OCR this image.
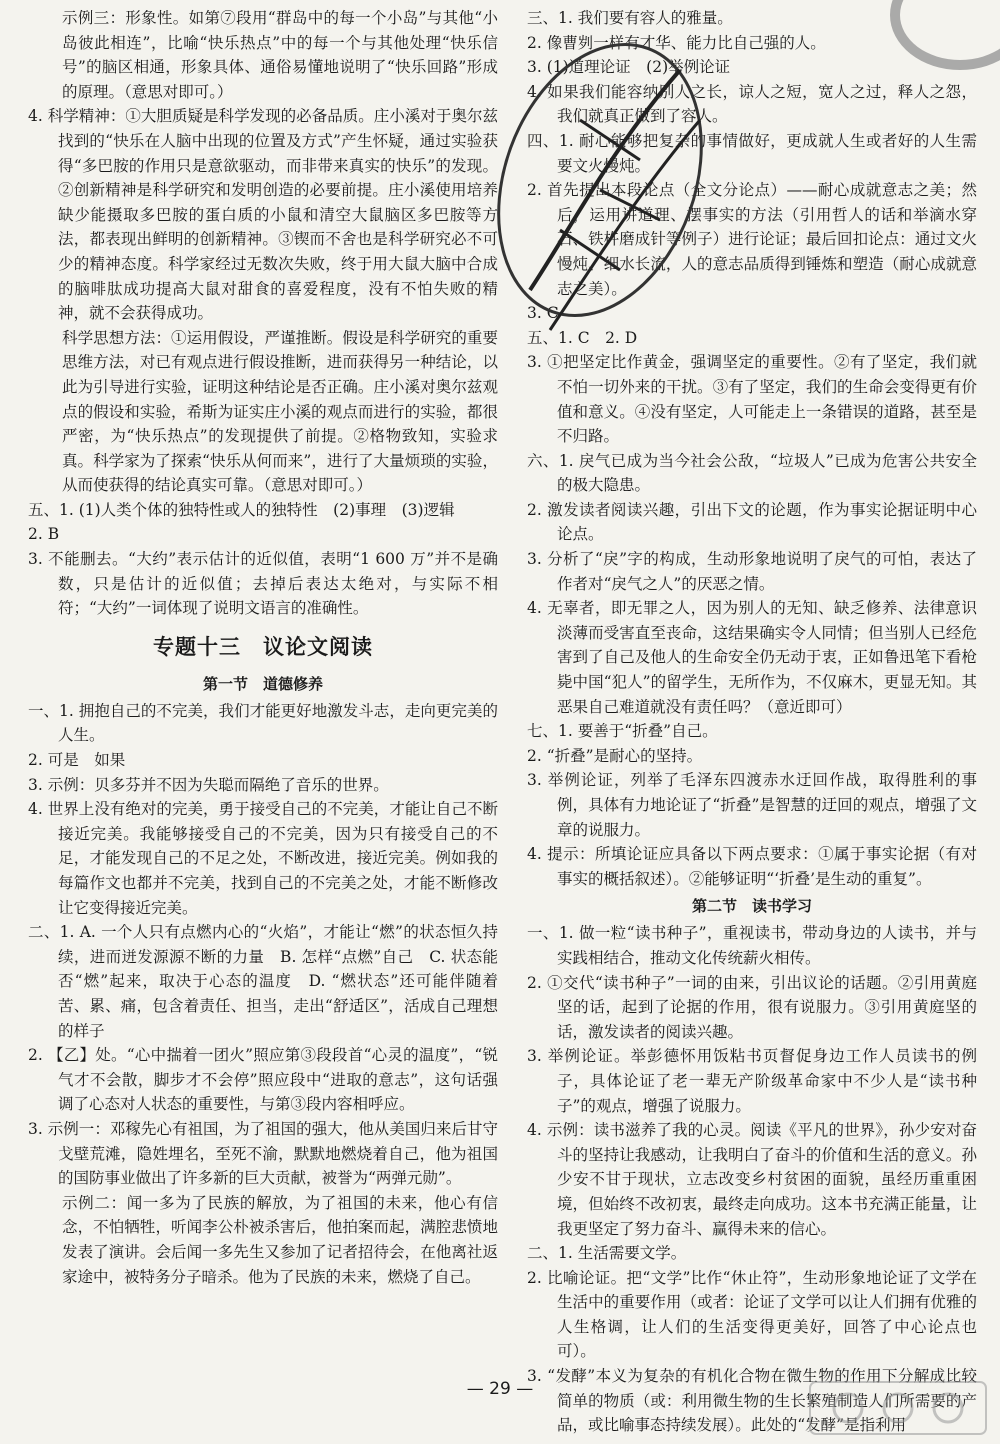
示例三：形象性。如第⑦段用“群岛中的每一个小岛”与其他“小岛彼此相连”，比喻“快乐热点”中的每一个与其他处理“快乐信号”的脑区相通，形象具体、通俗易懂地说明了“快乐回路”形成的原理。（意思对即可。）

4. 科学精神：①大胆质疑是科学发现的必备品质。庄小溪对于奥尔兹找到的“快乐在人脑中出现的位置及方式”产生怀疑，通过实验获得“多巴胺的作用只是意欲驱动，而非带来真实的快乐”的发现。②创新精神是科学研究和发明创造的必要前提。庄小溪使用培养缺少能摄取多巴胺的蛋白质的小鼠和清空大鼠脑区多巴胺等方法，都表现出鲜明的创新精神。③锲而不舍也是科学研究必不可少的精神态度。科学家经过无数次失败，终于用大鼠大脑中合成的脑啡肽成功提高大鼠对甜食的喜爱程度，没有不怕失败的精神，就不会获得成功。

科学思想方法：①运用假设，严谨推断。假设是科学研究的重要思维方法，对已有观点进行假设推断，进而获得另一种结论，以此为引导进行实验，证明这种结论是否正确。庄小溪对奥尔兹观点的假设和实验，希斯为证实庄小溪的观点而进行的实验，都很严密，为“快乐热点”的发现提供了前提。②格物致知，实验求真。科学家为了探索“快乐从何而来”，进行了大量烦琐的实验，从而使获得的结论真实可靠。（意思对即可。）

五、1. (1)人类个体的独特性或人的独特性　(2)事理　(3)逻辑

2. B

3. 不能删去。“大约”表示估计的近似值，表明“1 600 万”并不是确数，只是估计的近似值；去掉后表达太绝对，与实际不相符；“大约”一词体现了说明文语言的准确性。

专题十三　议论文阅读
第一节　道德修养

一、1. 拥抱自己的不完美，我们才能更好地激发斗志，走向更完美的人生。

2. 可是　如果

3. 示例：贝多芬并不因为失聪而隔绝了音乐的世界。

4. 世界上没有绝对的完美，勇于接受自己的不完美，才能让自己不断接近完美。我能够接受自己的不完美，因为只有接受自己的不足，才能发现自己的不足之处，不断改进，接近完美。例如我的每篇作文也都并不完美，找到自己的不完美之处，才能不断修改让它变得接近完美。

二、1. A. 一个人只有点燃内心的“火焰”，才能让“燃”的状态恒久持续，进而迸发源源不断的力量　B. 怎样“点燃”自己　C. 状态能否“燃”起来，取决于心态的温度　D. “燃状态”还可能伴随着苦、累、痛，包含着责任、担当，走出“舒适区”，活成自己理想的样子

2. 【乙】处。“心中揣着一团火”照应第③段段首“心灵的温度”，“锐气才不会散，脚步才不会停”照应段中“进取的意志”，这句话强调了心态对人状态的重要性，与第③段内容相呼应。

3. 示例一：邓稼先心有祖国，为了祖国的强大，他从美国归来后甘守戈壁荒滩，隐姓埋名，至死不渝，默默地燃烧着自己，他为祖国的国防事业做出了许多新的巨大贡献，被誉为“两弹元勋”。

示例二：闻一多为了民族的解放，为了祖国的未来，他心有信念，不怕牺牲，听闻李公朴被杀害后，他拍案而起，满腔悲愤地发表了演讲。会后闻一多先生又参加了记者招待会，在他离社返家途中，被特务分子暗杀。他为了民族的未来，燃烧了自己。

三、1. 我们要有容人的雅量。

2. 像曹刿一样有才华、能力比自己强的人。

3. (1)道理论证　(2)举例论证

4. 如果我们能容纳别人之长，谅人之短，宽人之过，释人之怨，我们就真正做到了容人。

四、1. 耐心能够把复杂的事情做好，更成就人生或者好的人生需要文火慢炖。

2. 首先提出本段论点（全文分论点）——耐心成就意志之美；然后，运用讲道理、摆事实的方法（引用哲人的话和举滴水穿石、铁杵磨成针等例子）进行论证；最后回扣论点：通过文火慢炖、细水长流，人的意志品质得到锤炼和塑造（耐心成就意志之美）。

3. C

五、1. C　2. D

3. ①把坚定比作黄金，强调坚定的重要性。②有了坚定，我们就不怕一切外来的干扰。③有了坚定，我们的生命会变得更有价值和意义。④没有坚定，人可能走上一条错误的道路，甚至是不归路。

六、1. 戾气已成为当今社会公敌，“垃圾人”已成为危害公共安全的极大隐患。

2. 激发读者阅读兴趣，引出下文的论题，作为事实论据证明中心论点。

3. 分析了“戾”字的构成，生动形象地说明了戾气的可怕，表达了作者对“戾气之人”的厌恶之情。

4. 无辜者，即无罪之人，因为别人的无知、缺乏修养、法律意识淡薄而受害直至丧命，这结果确实令人同情；但当别人已经危害到了自己及他人的生命安全仍无动于衷，正如鲁迅笔下看枪毙中国“犯人”的留学生，无所作为，不仅麻木，更显无知。其恶果自己难道就没有责任吗？（意近即可）

七、1. 要善于“折叠”自己。

2. “折叠”是耐心的坚持。

3. 举例论证，列举了毛泽东四渡赤水迂回作战，取得胜利的事例，具体有力地论证了“折叠”是智慧的迂回的观点，增强了文章的说服力。

4. 提示：所填论证应具备以下两点要求：①属于事实论据（有对事实的概括叙述）。②能够证明“‘折叠’是生动的重复”。

第二节　读书学习

一、1. 做一粒“读书种子”，重视读书，带动身边的人读书，并与实践相结合，推动文化传统薪火相传。

2. ①交代“读书种子”一词的由来，引出议论的话题。②引用黄庭坚的话，起到了论据的作用，很有说服力。③引用黄庭坚的话，激发读者的阅读兴趣。

3. 举例论证。举彭德怀用饭粘书页督促身边工作人员读书的例子，具体论证了老一辈无产阶级革命家中不少人是“读书种子”的观点，增强了说服力。

4. 示例：读书滋养了我的心灵。阅读《平凡的世界》，孙少安对奋斗的坚持让我感动，让我明白了奋斗的价值和生活的意义。孙少安不甘于现状，立志改变乡村贫困的面貌，虽经历重重困境，但始终不改初衷，最终走向成功。这本书充满正能量，让我更坚定了努力奋斗、赢得未来的信心。

二、1. 生活需要文学。

2. 比喻论证。把“文学”比作“休止符”，生动形象地论证了文学在生活中的重要作用（或者：论证了文学可以让人们拥有优雅的人生格调，让人们的生活变得更美好，回答了中心论点也可）。

3. “发酵”本义为复杂的有机化合物在微生物的作用下分解成比较简单的物质（或：利用微生物的生长繁殖制造人们所需要的产品，或比喻事态持续发展）。此处的“发酵”是指利用

— 29 —
